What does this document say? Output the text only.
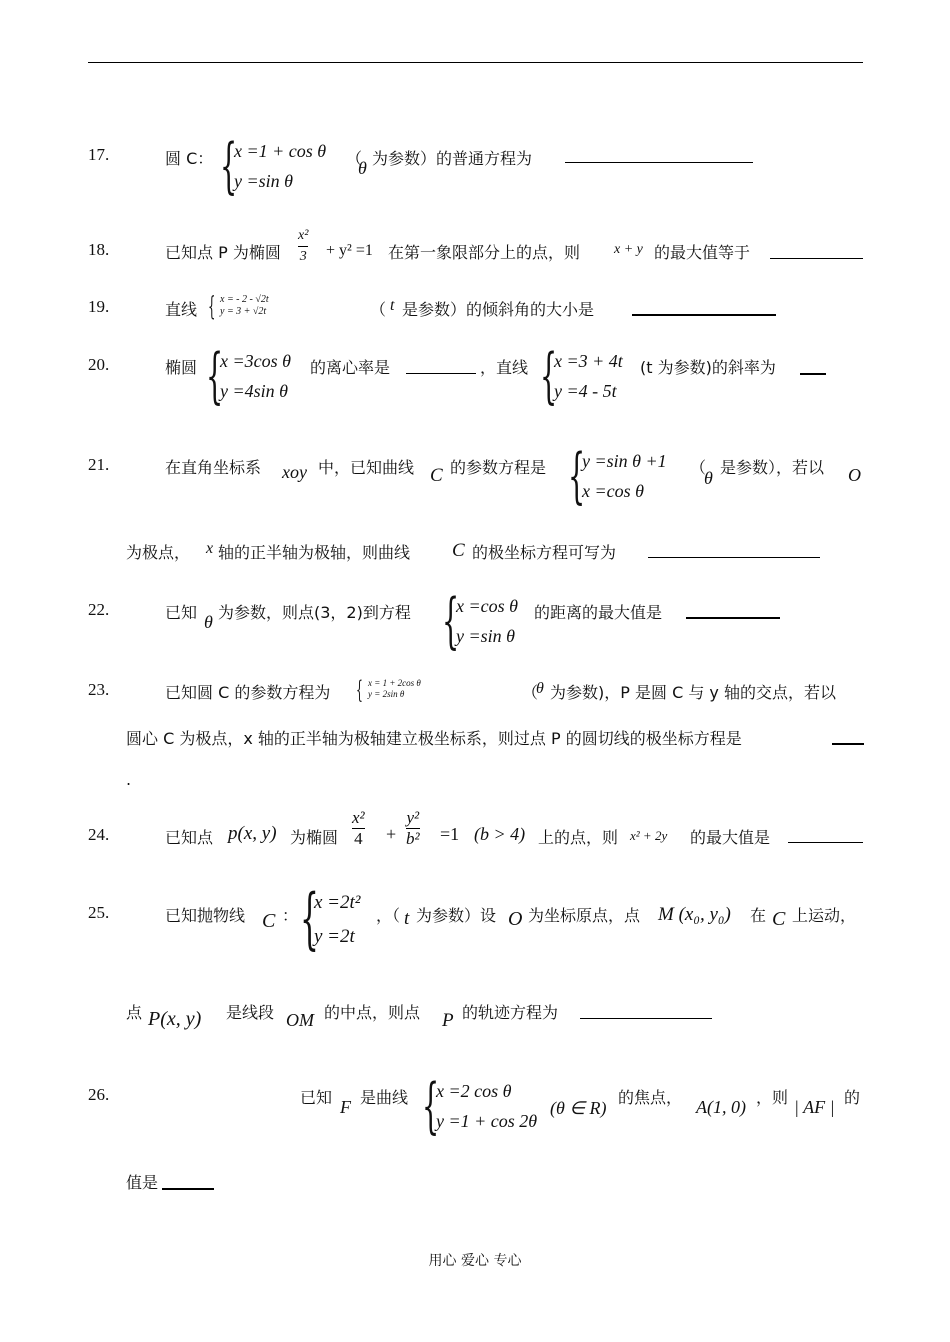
17.	圆 C： {
x =1 + cos θ
y =sin θ
（
θ 为参数）的普通方程为
18.	已知点 P 为椭圆 $\frac{\text{x²}}{3} + y^2 =1$ 在第一象限部分上的点，则 x + y 的最大值等于
19.	直线 { x = - 2 - √2t
y = 3 + √2t	（ t 是参数）的倾斜角的大小是
20.	椭圆 {
x =3cos θ
y =4sin θ
的离心率是	，直线 {
x =3 + 4t
y =4 - 5t
(t 为参数)的斜率为
21.	在直角坐标系 xoy 中，已知曲线 C 的参数方程是 {
y =sin θ +1
x =cos θ
（
θ
是参数），若以 O
为极点， x 轴的正半轴为极轴，则曲线 C 的极坐标方程可写为
22.	已知 θ 为参数，则点(3，2)到方程 {
x =cos θ
y =sin θ
的距离的最大值是
23.	已知圆 C 的参数方程为 { x = 1 + 2cos θ
y = 2sin θ	（
θ 为参数)，P 是圆 C 与 y 轴的交点，若以
圆心 C 为极点，x 轴的正半轴为极轴建立极坐标系，则过点 P 的圆切线的极坐标方程是
.
24.	已知点 p(x, y) 为椭圆 $\frac{\text{x²}}{4} + \frac{\text{y²}}{\text{b²}} =1$ (b > 4) 上的点，则 x² + 2y 的最大值是
25.	已知抛物线 C ： {
x =2t²
y =2t
，（ t 为参数）设 O 为坐标原点，点 M (x₀, y₀) 在 C 上运动，
点 P(x, y) 是线段 OM 的中点，则点 P 的轨迹方程为
26.	已知 F 是曲线 {
x =2 cos θ
y =1 + cos 2θ
(θ ∈ R)
的焦点， A(1, 0) ，则 | AF | 的
值是
用心 爱心 专心
